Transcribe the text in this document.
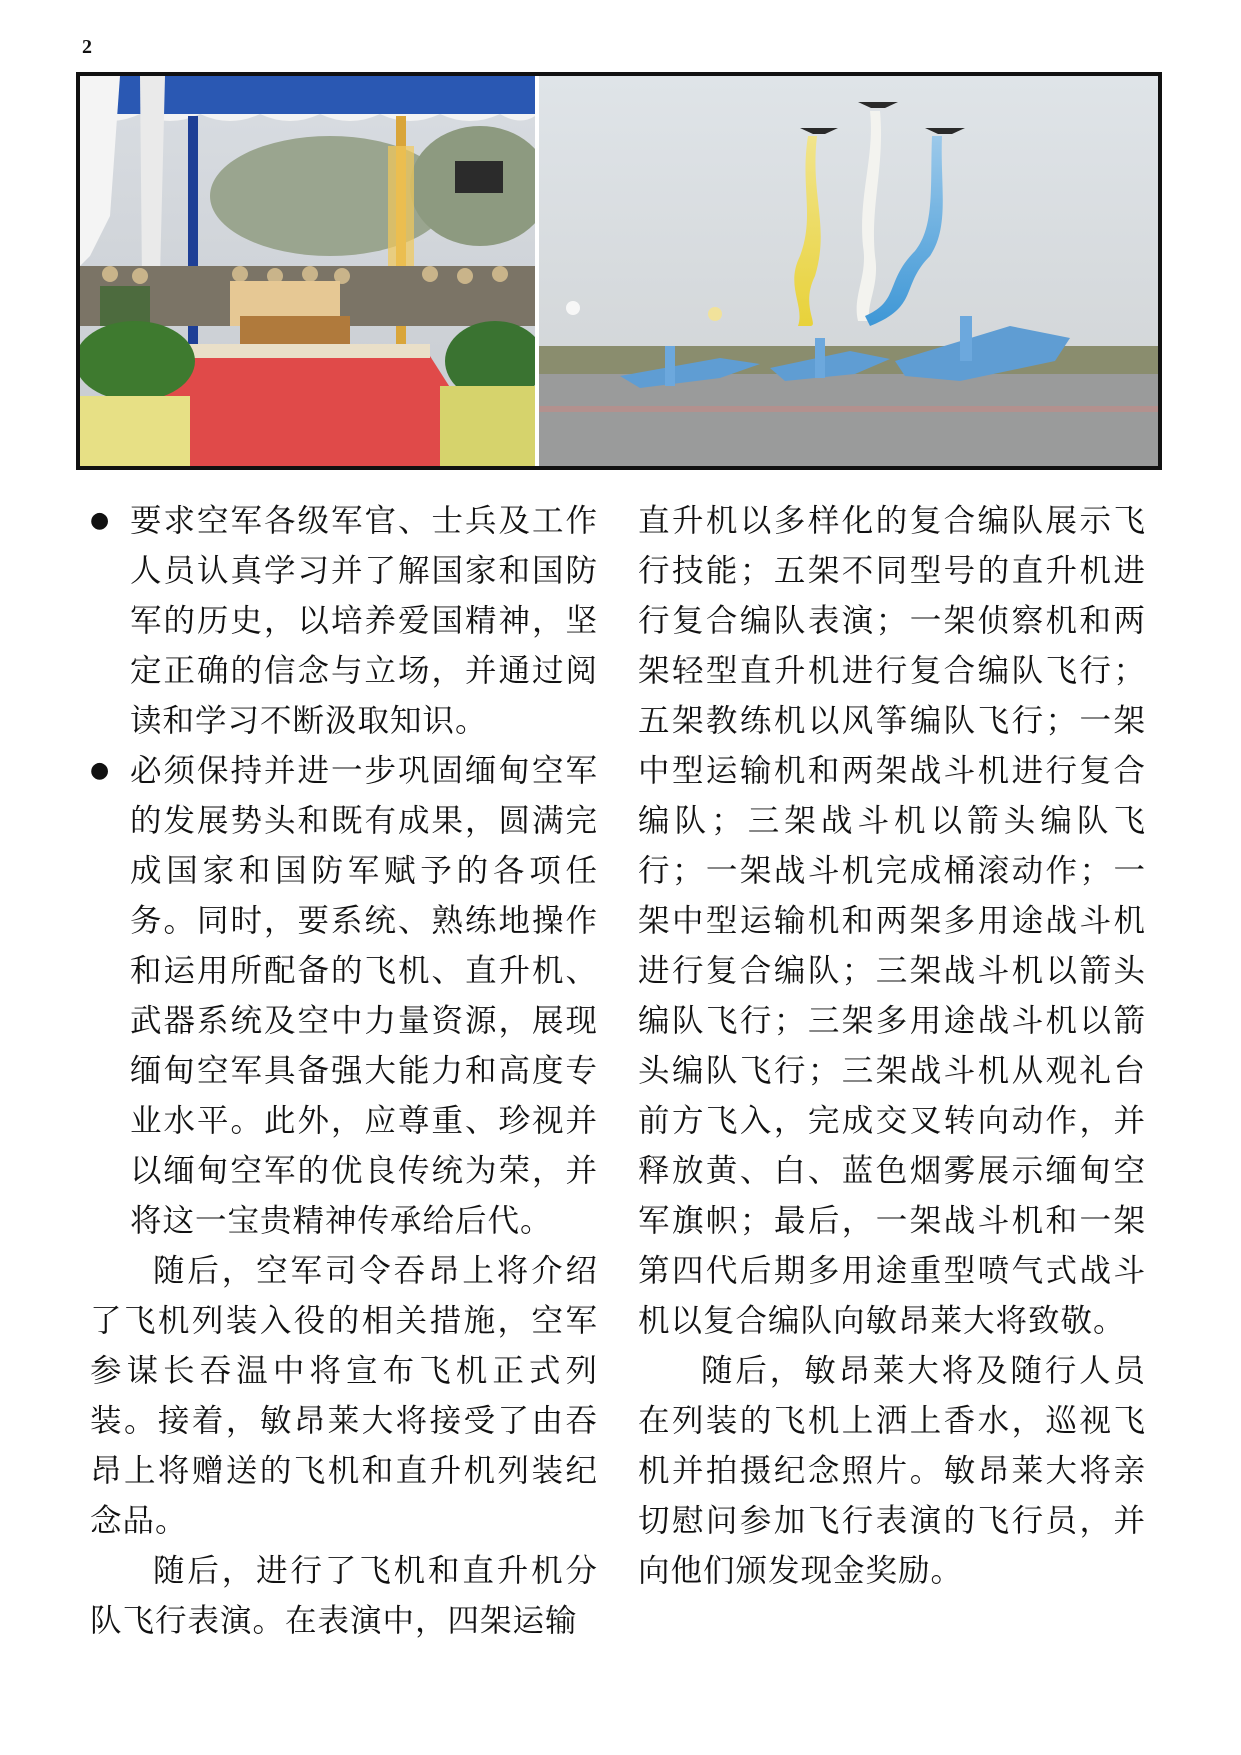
2
● 要求空军各级军官、士兵及工作人员认真学习并了解国家和国防军的历史，以培养爱国精神，坚定正确的信念与立场，并通过阅读和学习不断汲取知识。
● 必须保持并进一步巩固缅甸空军的发展势头和既有成果，圆满完成国家和国防军赋予的各项任务。同时，要系统、熟练地操作和运用所配备的飞机、直升机、武器系统及空中力量资源，展现缅甸空军具备强大能力和高度专业水平。此外，应尊重、珍视并以缅甸空军的优良传统为荣，并将这一宝贵精神传承给后代。

随后，空军司令吞昂上将介绍了飞机列装入役的相关措施，空军参谋长吞温中将宣布飞机正式列装。接着，敏昂莱大将接受了由吞昂上将赠送的飞机和直升机列装纪念品。

随后，进行了飞机和直升机分队飞行表演。在表演中，四架运输

直升机以多样化的复合编队展示飞行技能；五架不同型号的直升机进行复合编队表演；一架侦察机和两架轻型直升机进行复合编队飞行；五架教练机以风筝编队飞行；一架中型运输机和两架战斗机进行复合编队；三架战斗机以箭头编队飞行；一架战斗机完成桶滚动作；一架中型运输机和两架多用途战斗机进行复合编队；三架战斗机以箭头编队飞行；三架多用途战斗机以箭头编队飞行；三架战斗机从观礼台前方飞入，完成交叉转向动作，并释放黄、白、蓝色烟雾展示缅甸空军旗帜；最后，一架战斗机和一架第四代后期多用途重型喷气式战斗机以复合编队向敏昂莱大将致敬。

随后，敏昂莱大将及随行人员在列装的飞机上洒上香水，巡视飞机并拍摄纪念照片。敏昂莱大将亲切慰问参加飞行表演的飞行员，并向他们颁发现金奖励。
